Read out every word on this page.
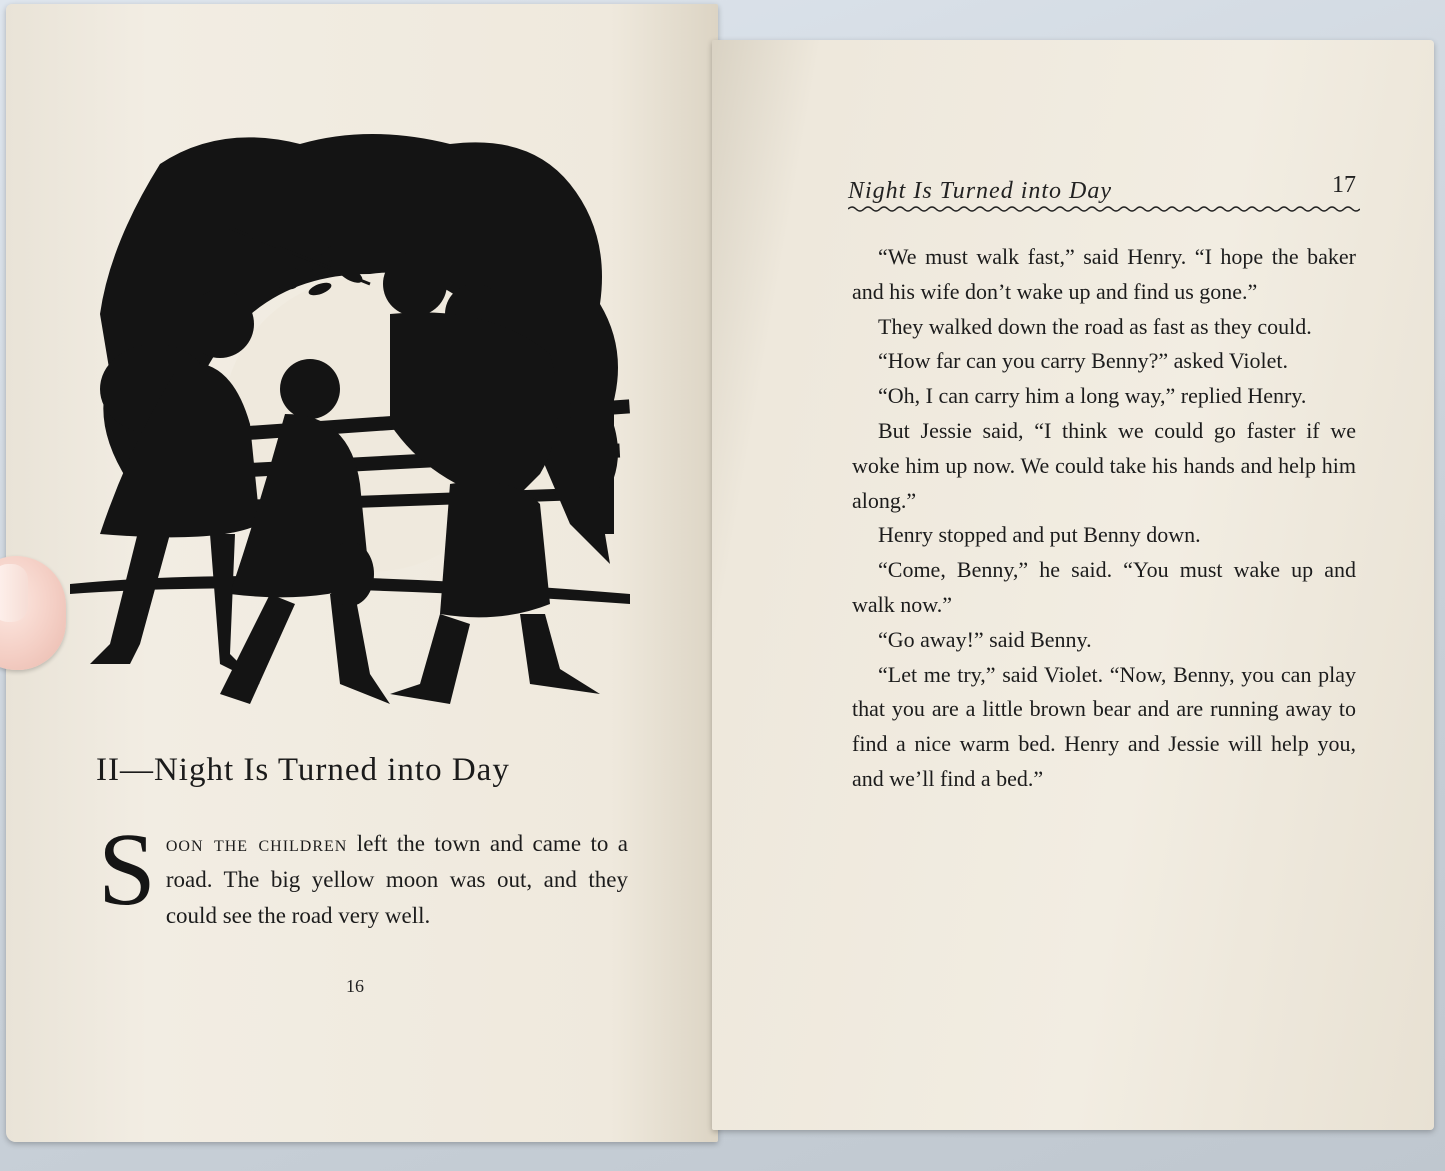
II—Night Is Turned into Day
Soon the children left the town and came to a road. The big yellow moon was out, and they could see the road very well.
16
Night Is Turned into Day	17

“We must walk fast,” said Henry. “I hope the baker and his wife don’t wake up and find us gone.”

They walked down the road as fast as they could.

“How far can you carry Benny?” asked Violet.

“Oh, I can carry him a long way,” replied Henry.

But Jessie said, “I think we could go faster if we woke him up now. We could take his hands and help him along.”

Henry stopped and put Benny down.

“Come, Benny,” he said. “You must wake up and walk now.”

“Go away!” said Benny.

“Let me try,” said Violet. “Now, Benny, you can play that you are a little brown bear and are running away to find a nice warm bed. Henry and Jessie will help you, and we’ll find a bed.”
